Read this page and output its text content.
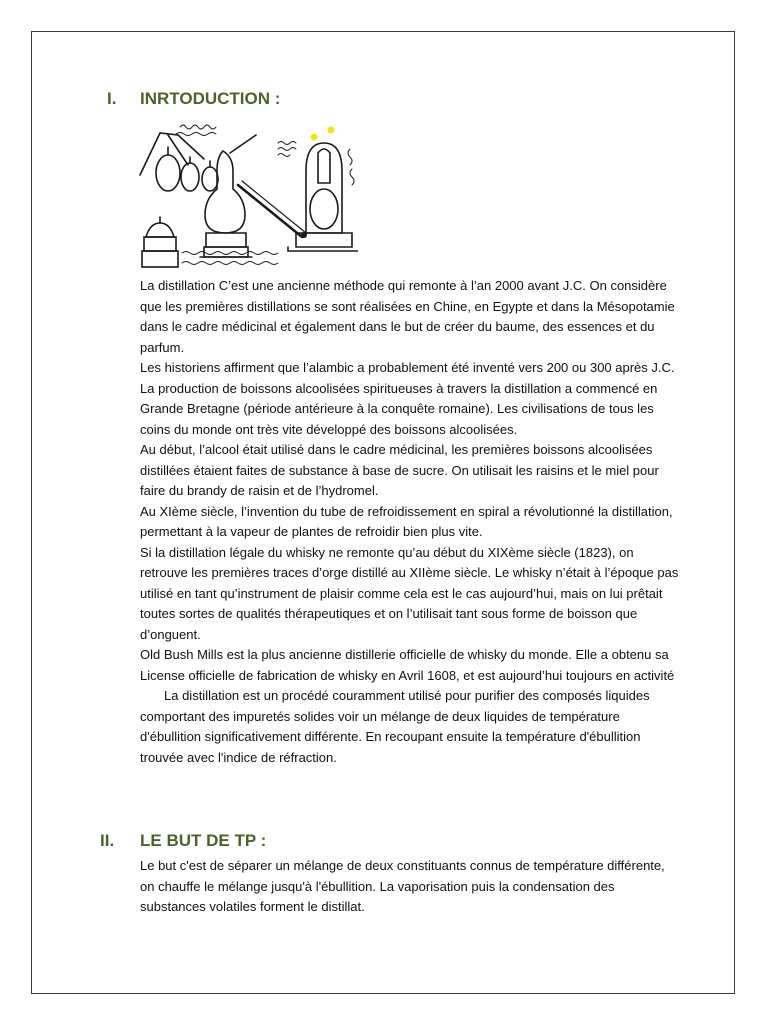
I.	INRTODUCTION :

La distillation C’est une ancienne méthode qui remonte à l’an 2000 avant J.C. On considère que les premières distillations se sont réalisées en Chine, en Egypte et dans la Mésopotamie dans le cadre médicinal et également dans le but de créer du baume, des essences et du parfum.

Les historiens affirment que l’alambic a probablement été inventé vers 200 ou 300 après J.C.

La production de boissons alcoolisées spiritueuses à travers la distillation a commencé en Grande Bretagne (période antérieure à la conquête romaine). Les civilisations de tous les coins du monde ont très vite développé des boissons alcoolisées.

Au début, l’alcool était utilisé dans le cadre médicinal, les premières boissons alcoolisées distillées étaient faites de substance à base de sucre. On utilisait les raisins et le miel pour faire du brandy de raisin et de l’hydromel.

Au XIème siècle, l’invention du tube de refroidissement en spiral a révolutionné la distillation, permettant à la vapeur de plantes de refroidir bien plus vite.

Si la distillation légale du whisky ne remonte qu’au début du XIXème siècle (1823), on retrouve les premières traces d’orge distillé au XIIème siècle. Le whisky n’était à l’époque pas utilisé en tant qu’instrument de plaisir comme cela est le cas aujourd’hui, mais on lui prêtait toutes sortes de qualités thérapeutiques et on l’utilisait tant sous forme de boisson que d’onguent.

Old Bush Mills est la plus ancienne distillerie officielle de whisky du monde. Elle a obtenu sa License officielle de fabrication de whisky en Avril 1608, et est aujourd’hui toujours en activité

La distillation est un procédé couramment utilisé pour purifier des composés liquides comportant des impuretés solides voir un mélange de deux liquides de température d'ébullition significativement différente. En recoupant ensuite la température d'ébullition trouvée avec l'indice de réfraction.

II.	LE BUT DE TP :

Le but c'est de séparer un mélange de deux constituants connus de température différente, on chauffe le mélange jusqu'à l'ébullition. La vaporisation puis la condensation des substances volatiles forment le distillat.
